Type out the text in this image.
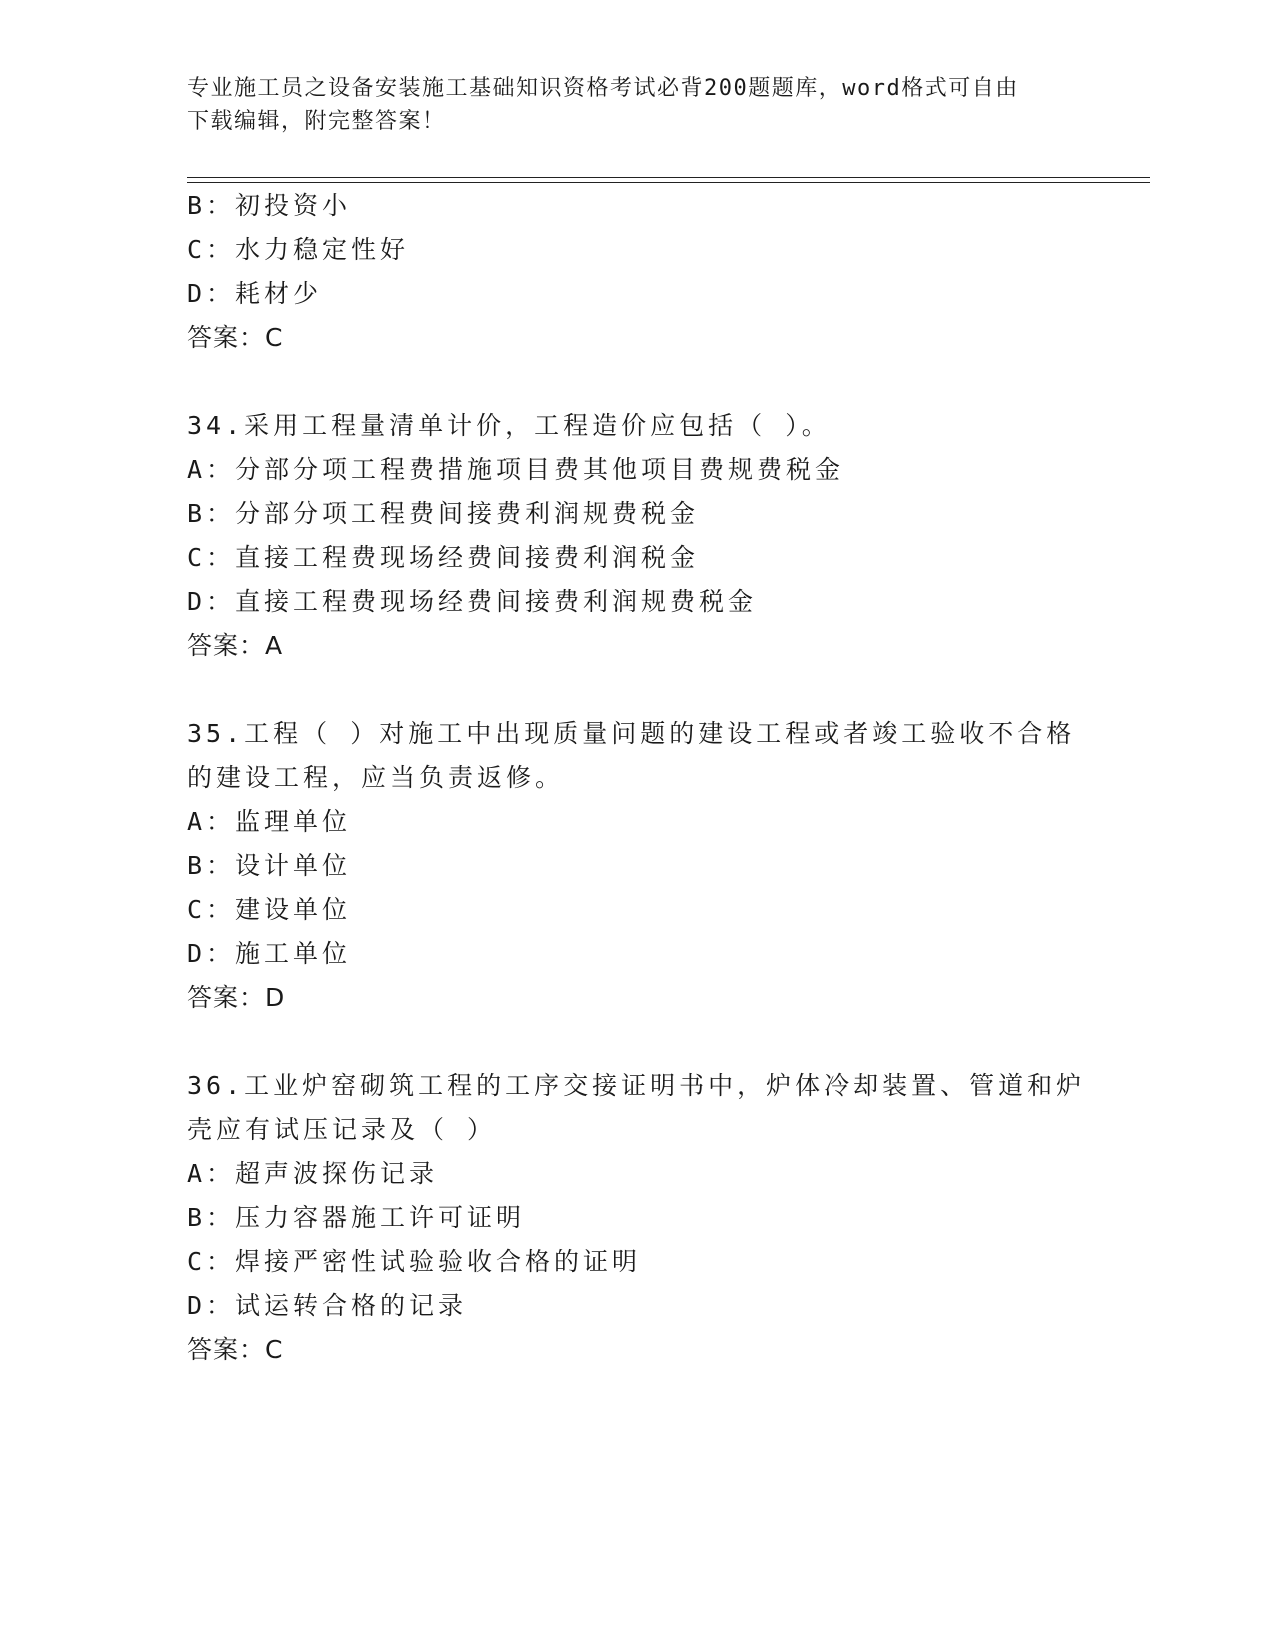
专业施工员之设备安装施工基础知识资格考试必背200题题库，word格式可自由
下载编辑，附完整答案！
B：初投资小
C：水力稳定性好
D：耗材少
答案：C
34.采用工程量清单计价，工程造价应包括（ ）。
A：分部分项工程费措施项目费其他项目费规费税金
B：分部分项工程费间接费利润规费税金
C：直接工程费现场经费间接费利润税金
D：直接工程费现场经费间接费利润规费税金
答案：A
35.工程（ ）对施工中出现质量问题的建设工程或者竣工验收不合格
的建设工程，应当负责返修。
A：监理单位
B：设计单位
C：建设单位
D：施工单位
答案：D
36.工业炉窑砌筑工程的工序交接证明书中，炉体冷却装置、管道和炉
壳应有试压记录及（ ）
A：超声波探伤记录
B：压力容器施工许可证明
C：焊接严密性试验验收合格的证明
D：试运转合格的记录
答案：C
